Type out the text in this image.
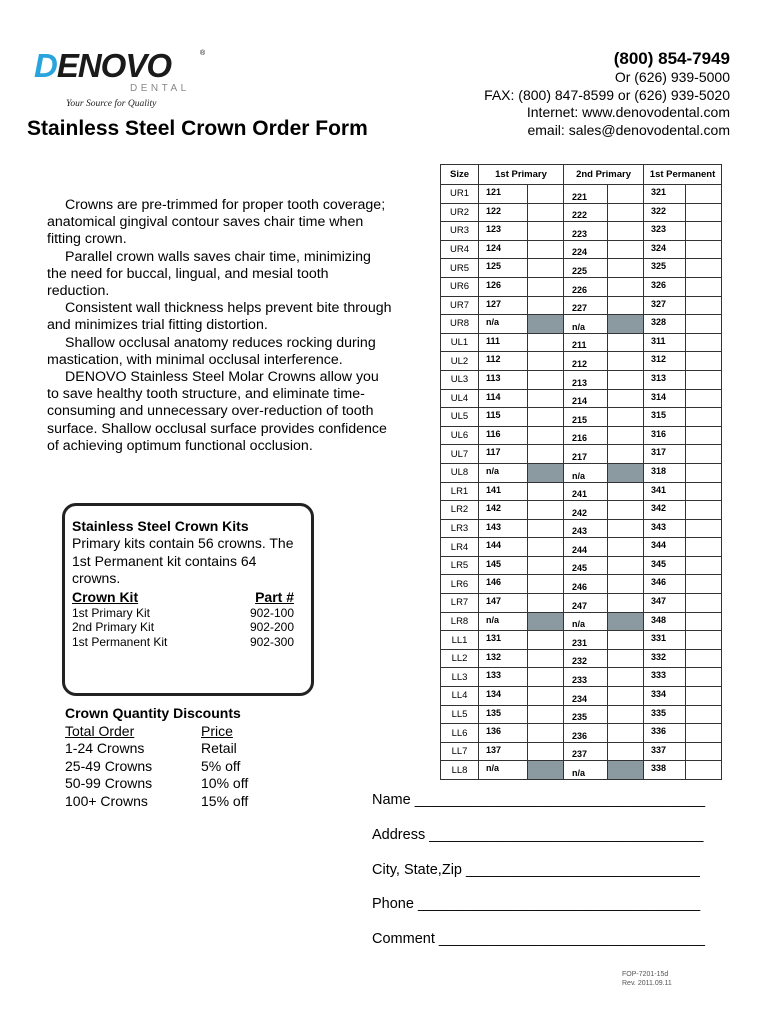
DENOVO	®
DENTAL
Your Source for Quality
Stainless Steel Crown Order Form
(800) 854-7949
Or (626) 939-5000
FAX: (800) 847-8599 or (626) 939-5020
Internet: www.denovodental.com
email: sales@denovodental.com

Crowns are pre-trimmed for proper tooth coverage; anatomical gingival contour saves chair time when fitting crown.

Parallel crown walls saves chair time, minimizing the need for buccal, lingual, and mesial tooth reduction.

Consistent wall thickness helps prevent bite through and minimizes trial fitting distortion.

Shallow occlusal anatomy reduces rocking during mastication, with minimal occlusal interference.

DENOVO Stainless Steel Molar Crowns allow you to save healthy tooth structure, and eliminate time-consuming and unnecessary over-reduction of tooth surface. Shallow occlusal surface provides confidence of achieving optimum functional occlusion.

Stainless Steel Crown Kits
Primary kits contain 56 crowns. The 1st Permanent kit contains 64 crowns.
Crown Kit	Part #
1st Primary Kit	902-100
2nd Primary Kit	902-200
1st Permanent Kit	902-300
Crown Quantity Discounts
Total Order	Price
1-24 Crowns	Retail
25-49 Crowns	5% off
50-99 Crowns	10% off
100+ Crowns	15% off
Size	1st Primary		2nd Primary		1st Permanent	
UR1	121		221		321	
UR2	122		222		322	
UR3	123		223		323	
UR4	124		224		324	
UR5	125		225		325	
UR6	126		226		326	
UR7	127		227		327	
UR8	n/a		n/a		328	
UL1	111		211		311	
UL2	112		212		312	
UL3	113		213		313	
UL4	114		214		314	
UL5	115		215		315	
UL6	116		216		316	
UL7	117		217		317	
UL8	n/a		n/a		318	
LR1	141		241		341	
LR2	142		242		342	
LR3	143		243		343	
LR4	144		244		344	
LR5	145		245		345	
LR6	146		246		346	
LR7	147		247		347	
LR8	n/a		n/a		348	
LL1	131		231		331	
LL2	132		232		332	
LL3	133		233		333	
LL4	134		234		334	
LL5	135		235		335	
LL6	136		236		336	
LL7	137		237		337	
LL8	n/a		n/a		338	
Name ____________________________________
Address __________________________________
City, State,Zip _____________________________
Phone ___________________________________
Comment _________________________________
FOP-7201-15d
Rev. 2011.09.11
